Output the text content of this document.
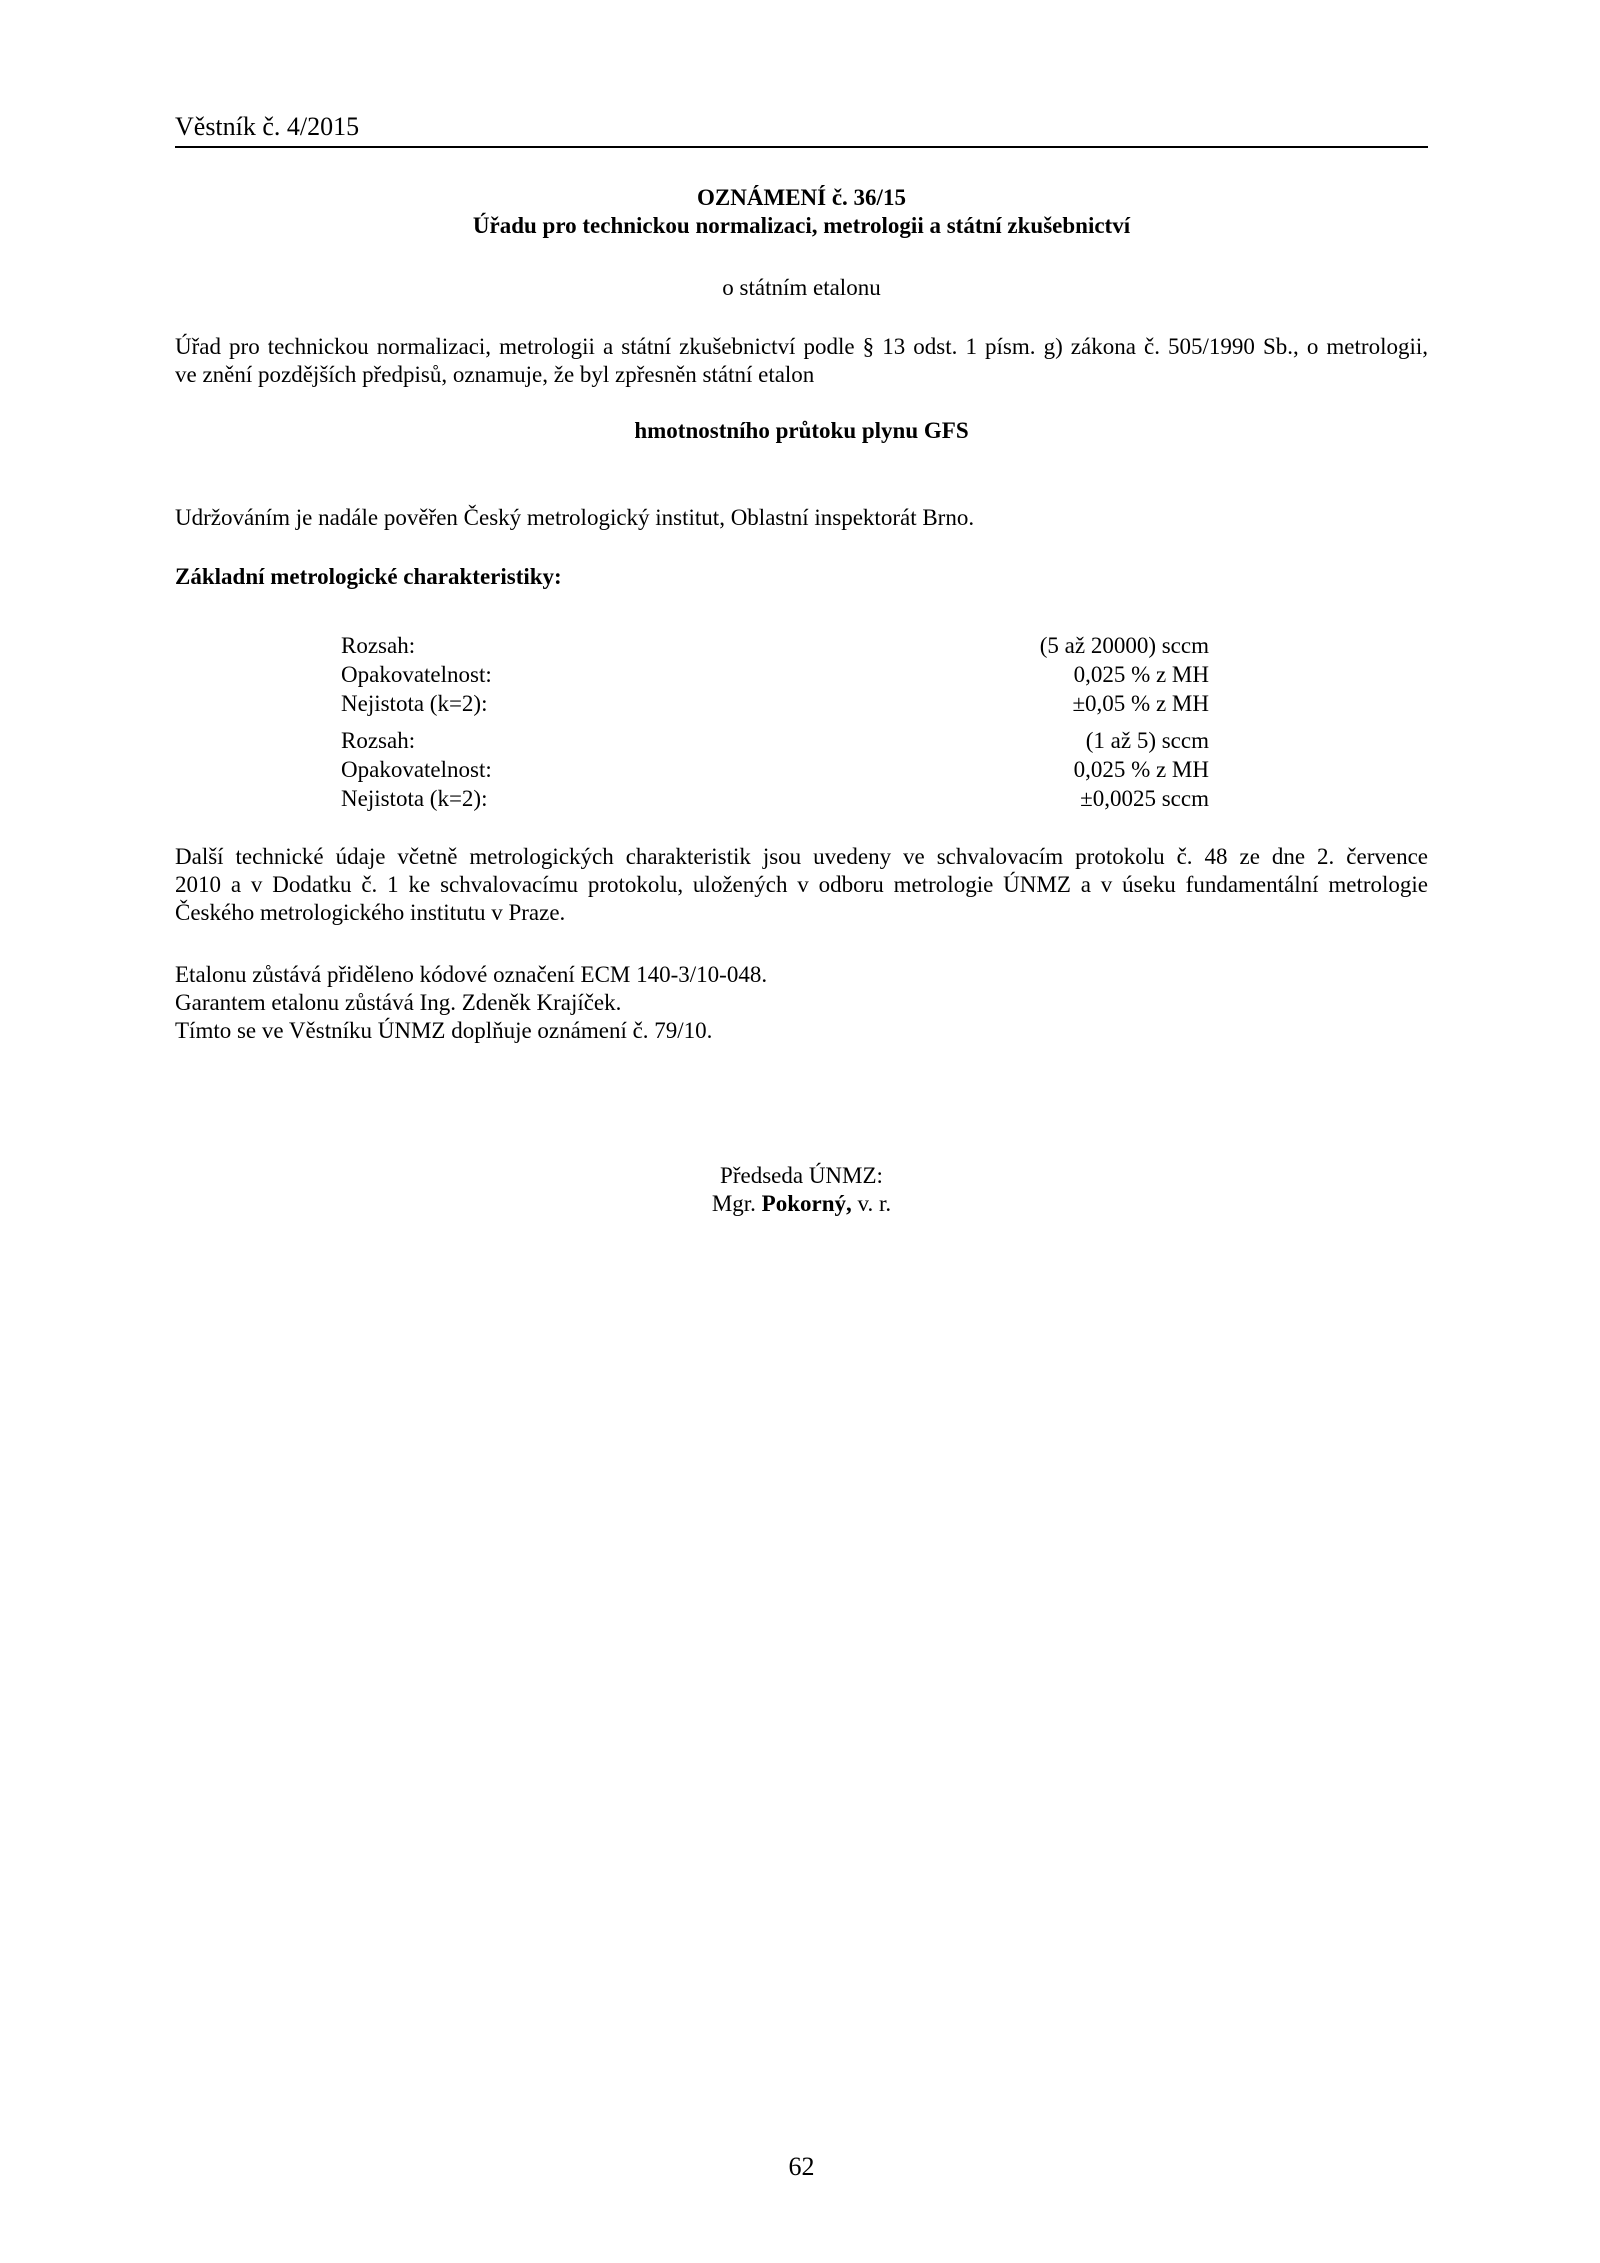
Věstník č. 4/2015
OZNÁMENÍ č. 36/15
Úřadu pro technickou normalizaci, metrologii a státní zkušebnictví
o státním etalonu
Úřad pro technickou normalizaci, metrologii a státní zkušebnictví podle § 13 odst. 1 písm. g) zákona č. 505/1990 Sb., o metrologii,
ve znění pozdějších předpisů, oznamuje, že byl zpřesněn státní etalon
hmotnostního průtoku plynu GFS
Udržováním je nadále pověřen Český metrologický institut, Oblastní inspektorát Brno.
Základní metrologické charakteristiky:
Rozsah:	(5 až 20000) sccm
Opakovatelnost:	0,025 % z MH
Nejistota (k=2):	±0,05 % z MH
Rozsah:	(1 až 5) sccm
Opakovatelnost:	0,025 % z MH
Nejistota (k=2):	±0,0025 sccm
Další technické údaje včetně metrologických charakteristik jsou uvedeny ve schvalovacím protokolu č. 48 ze dne 2. července
2010 a v Dodatku č. 1 ke schvalovacímu protokolu, uložených v odboru metrologie ÚNMZ a v úseku fundamentální metrologie
Českého metrologického institutu v Praze.
Etalonu zůstává přiděleno kódové označení ECM 140-3/10-048.
Garantem etalonu zůstává Ing. Zdeněk Krajíček.
Tímto se ve Věstníku ÚNMZ doplňuje oznámení č. 79/10.
Předseda ÚNMZ:
Mgr. Pokorný, v. r.
62
